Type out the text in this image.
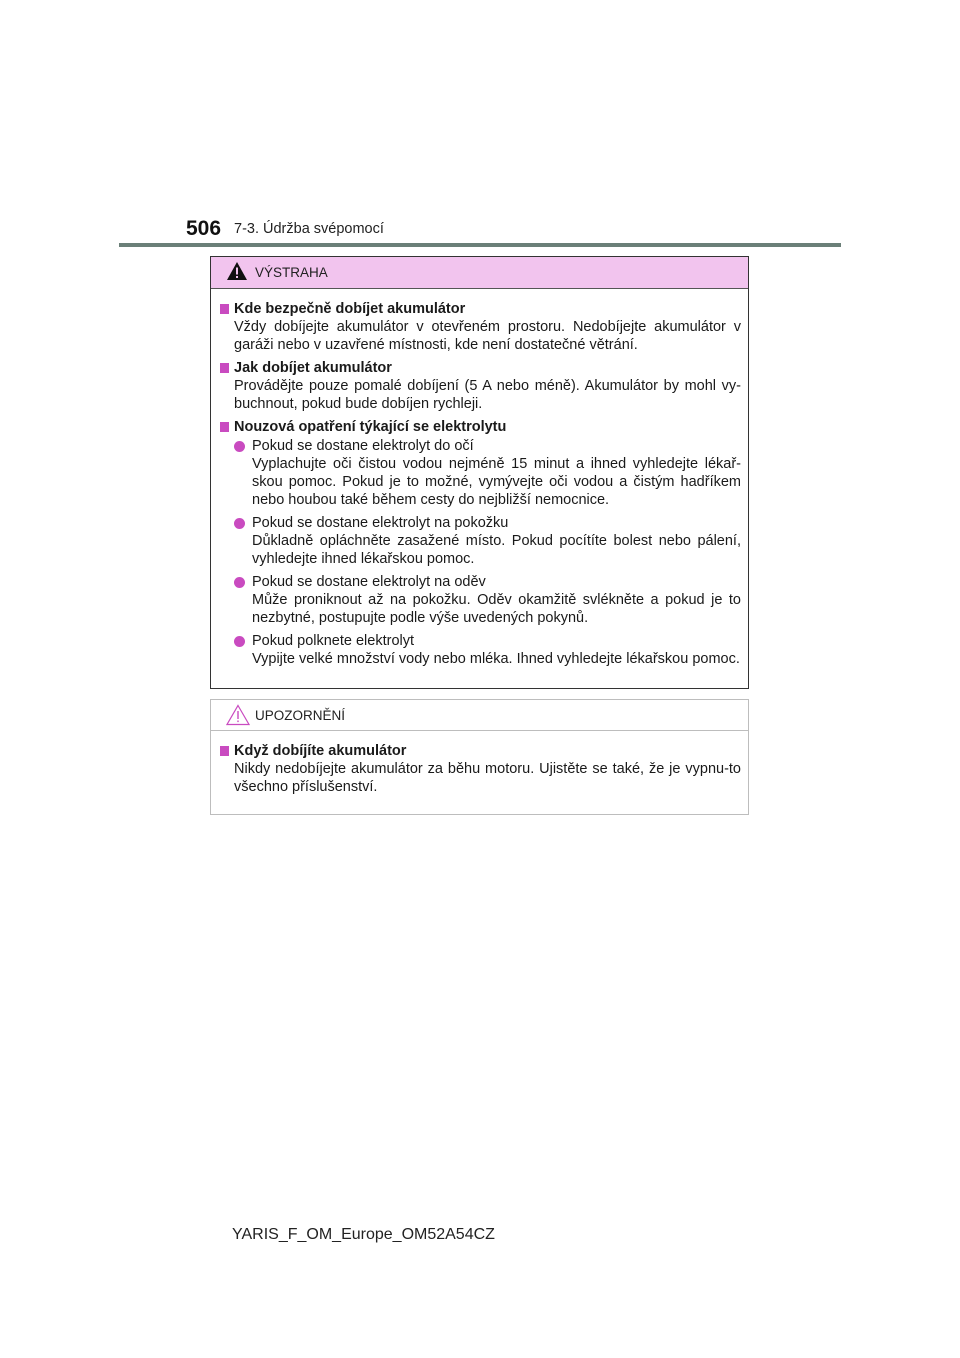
506 7-3. Údržba svépomocí
VÝSTRAHA
Kde bezpečně dobíjet akumulátor
Vždy dobíjejte akumulátor v otevřeném prostoru. Nedobíjejte akumulátor v garáži nebo v uzavřené místnosti, kde není dostatečné větrání.
Jak dobíjet akumulátor
Provádějte pouze pomalé dobíjení (5 A nebo méně). Akumulátor by mohl vy-buchnout, pokud bude dobíjen rychleji.
Nouzová opatření týkající se elektrolytu
Pokud se dostane elektrolyt do očí
Vyplachujte oči čistou vodou nejméně 15 minut a ihned vyhledejte lékař-skou pomoc. Pokud je to možné, vymývejte oči vodou a čistým hadříkem nebo houbou také během cesty do nejbližší nemocnice.
Pokud se dostane elektrolyt na pokožku
Důkladně opláchněte zasažené místo. Pokud pocítíte bolest nebo pálení, vyhledejte ihned lékařskou pomoc.
Pokud se dostane elektrolyt na oděv
Může proniknout až na pokožku. Oděv okamžitě svlékněte a pokud je to nezbytné, postupujte podle výše uvedených pokynů.
Pokud polknete elektrolyt
Vypijte velké množství vody nebo mléka. Ihned vyhledejte lékařskou pomoc.
UPOZORNĚNÍ
Když dobíjíte akumulátor
Nikdy nedobíjejte akumulátor za běhu motoru. Ujistěte se také, že je vypnu-to všechno příslušenství.
YARIS_F_OM_Europe_OM52A54CZ
